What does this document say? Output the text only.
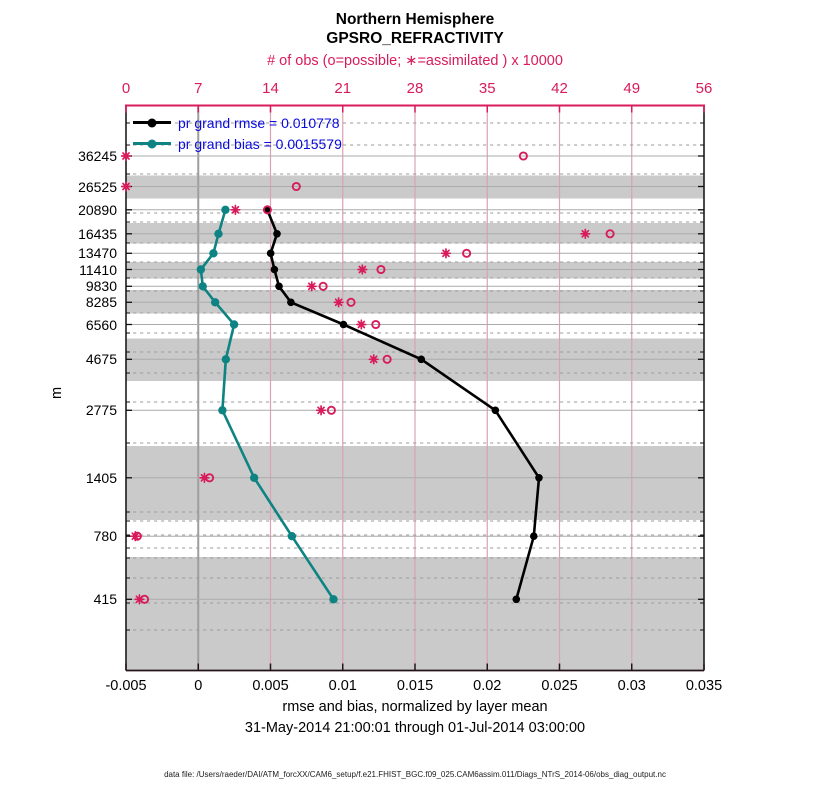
Northern Hemisphere
GPSRO_REFRACTIVITY
# of obs (o=possible; ∗=assimilated ) x 10000
0	7	14	21	28	35	42	49	56
-0.005	0	0.005	0.01	0.015	0.02	0.025	0.03	0.035
36245
26525
20890
16435
13470
11410
9830
8285
6560
4675
2775
1405
780
415
m
rmse and bias, normalized by layer mean
31-May-2014 21:00:01 through 01-Jul-2014 03:00:00
data file: /Users/raeder/DAI/ATM_forcXX/CAM6_setup/f.e21.FHIST_BGC.f09_025.CAM6assim.011/Diags_NTrS_2014-06/obs_diag_output.nc
pr grand rmse = 0.010778
pr grand bias = 0.0015579
